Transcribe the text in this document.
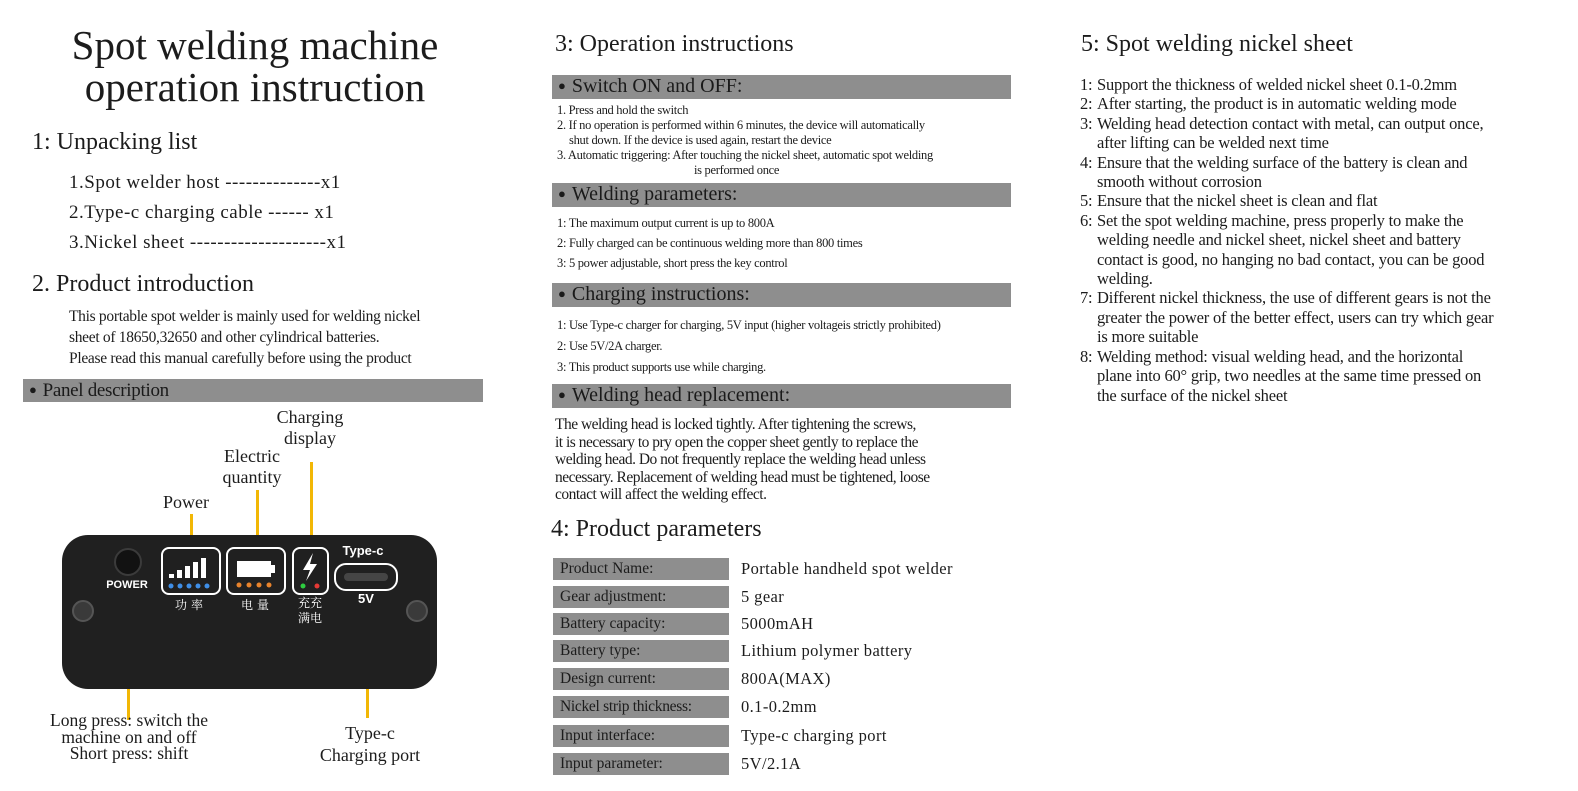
Spot welding machine
operation instruction
1: Unpacking list
1.Spot welder host --------------x1
2.Type-c charging cable ------ x1
3.Nickel sheet --------------------x1
2. Product introduction
This portable spot welder is mainly used for welding nickel
sheet of 18650,32650 and other cylindrical batteries.
Please read this manual carefully before using the product
● Panel description
Charging
display
Electric
quantity
Power
POWER
功率	电量	充充
满电
Type-c
5V
Long press: switch the
machine on and off
Short press: shift
Type-c
Charging port
3: Operation instructions
● Switch ON and OFF:
1. Press and hold the switch
2. If no operation is performed within 6 minutes, the device will automatically
shut down. If the device is used again, restart the device
3. Automatic triggering: After touching the nickel sheet, automatic spot welding
is performed once
● Welding parameters:
1: The maximum output current is up to 800A
2: Fully charged can be continuous welding more than 800 times
3: 5 power adjustable, short press the key control
● Charging instructions:
1: Use Type-c charger for charging, 5V input (higher voltageis strictly prohibited)
2: Use 5V/2A charger.
3: This product supports use while charging.
● Welding head replacement:
The welding head is locked tightly. After tightening the screws,
it is necessary to pry open the copper sheet gently to replace the
welding head. Do not frequently replace the welding head unless
necessary. Replacement of welding head must be tightened, loose
contact will affect the welding effect.
4: Product parameters
Product Name:	Portable handheld spot welder
Gear adjustment:	5 gear
Battery capacity:	5000mAH
Battery type:	Lithium polymer battery
Design current:	800A(MAX)
Nickel strip thickness:	0.1-0.2mm
Input interface:	Type-c charging port
Input parameter:	5V/2.1A
5: Spot welding nickel sheet
1: Support the thickness of welded nickel sheet 0.1-0.2mm
2: After starting, the product is in automatic welding mode
3: Welding head detection contact with metal, can output once,
after lifting can be welded next time
4: Ensure that the welding surface of the battery is clean and
smooth without corrosion
5: Ensure that the nickel sheet is clean and flat
6: Set the spot welding machine, press properly to make the
welding needle and nickel sheet, nickel sheet and battery
contact is good, no hanging no bad contact, you can be good
welding.
7: Different nickel thickness, the use of different gears is not the
greater the power of the better effect, users can try which gear
is more suitable
8: Welding method: visual welding head, and the horizontal
plane into 60° grip, two needles at the same time pressed on
the surface of the nickel sheet
